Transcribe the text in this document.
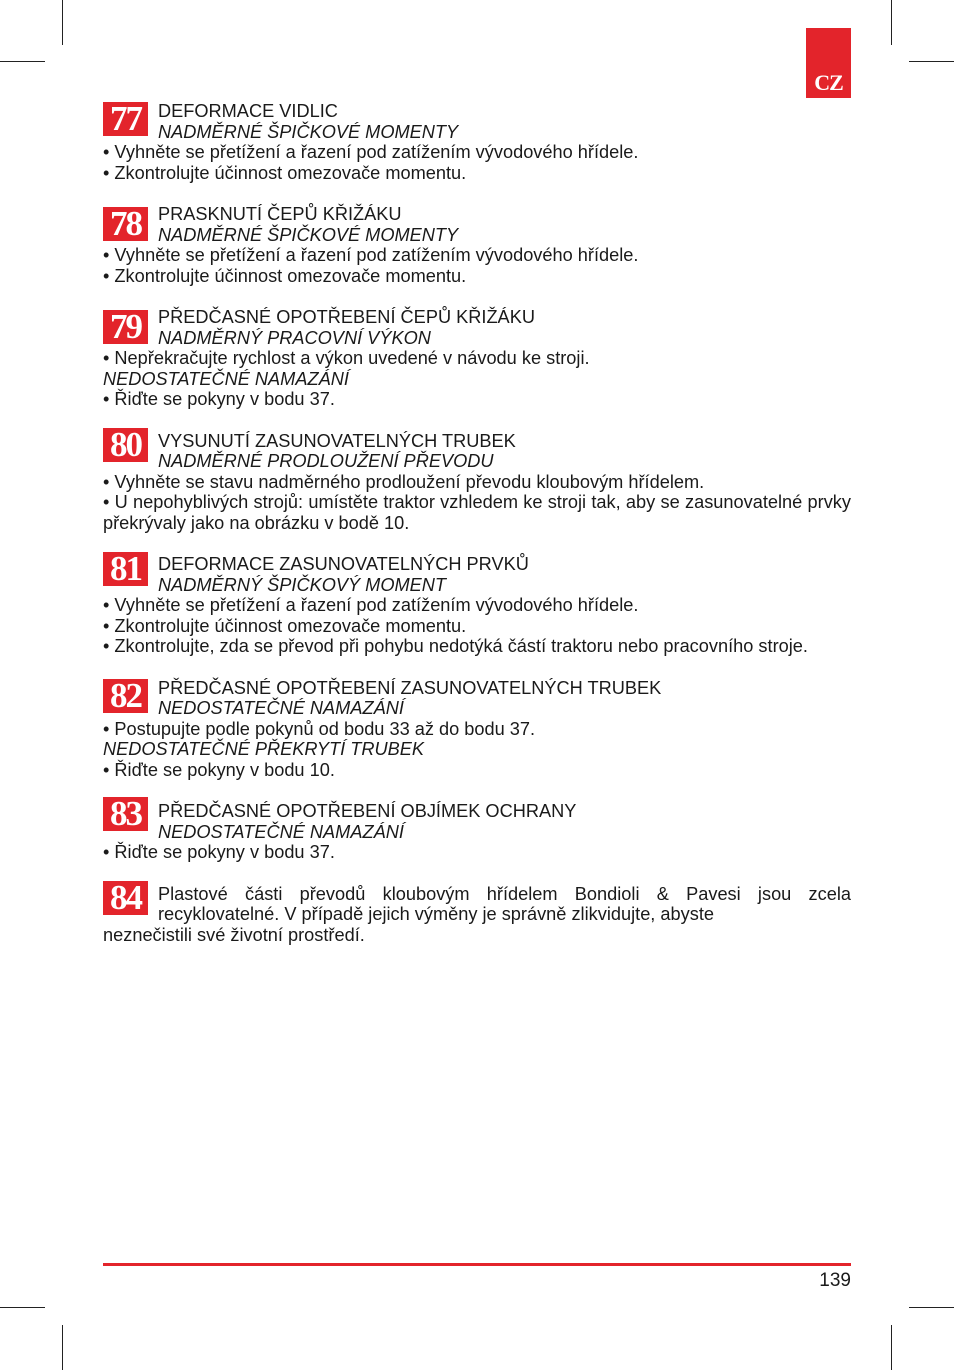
CZ
77 DEFORMACE VIDLIC
NADMĚRNÉ ŠPIČKOVÉ MOMENTY
• Vyhněte se přetížení a řazení pod zatížením vývodového hřídele.
• Zkontrolujte účinnost omezovače momentu.
78 PRASKNUTÍ ČEPŮ KŘIŽÁKU
NADMĚRNÉ ŠPIČKOVÉ MOMENTY
• Vyhněte se přetížení a řazení pod zatížením vývodového hřídele.
• Zkontrolujte účinnost omezovače momentu.
79 PŘEDČASNÉ OPOTŘEBENÍ ČEPŮ KŘIŽÁKU
NADMĚRNÝ PRACOVNÍ VÝKON
• Nepřekračujte rychlost a výkon uvedené v návodu ke stroji.
NEDOSTATEČNÉ NAMAZÁNÍ
• Řiďte se pokyny v bodu 37.
80 VYSUNUTÍ ZASUNOVATELNÝCH TRUBEK
NADMĚRNÉ PRODLOUŽENÍ PŘEVODU
• Vyhněte se stavu nadměrného prodloužení převodu kloubovým hřídelem.
• U nepohyblivých strojů: umístěte traktor vzhledem ke stroji tak, aby se zasunovatelné prvky překrývaly jako na obrázku v bodě 10.
81 DEFORMACE ZASUNOVATELNÝCH PRVKŮ
NADMĚRNÝ ŠPIČKOVÝ MOMENT
• Vyhněte se přetížení a řazení pod zatížením vývodového hřídele.
• Zkontrolujte účinnost omezovače momentu.
• Zkontrolujte, zda se převod při pohybu nedotýká částí traktoru nebo pracovního stroje.
82 PŘEDČASNÉ OPOTŘEBENÍ ZASUNOVATELNÝCH TRUBEK
NEDOSTATEČNÉ NAMAZÁNÍ
• Postupujte podle pokynů od bodu 33 až do bodu 37.
NEDOSTATEČNÉ PŘEKRYTÍ TRUBEK
• Řiďte se pokyny v bodu 10.
83 PŘEDČASNÉ OPOTŘEBENÍ OBJÍMEK OCHRANY
NEDOSTATEČNÉ NAMAZÁNÍ
• Řiďte se pokyny v bodu 37.
84 Plastové části převodů kloubovým hřídelem Bondioli & Pavesi jsou zcela recyklovatelné. V případě jejich výměny je správně zlikvidujte, abyste
neznečistili své životní prostředí.
139
